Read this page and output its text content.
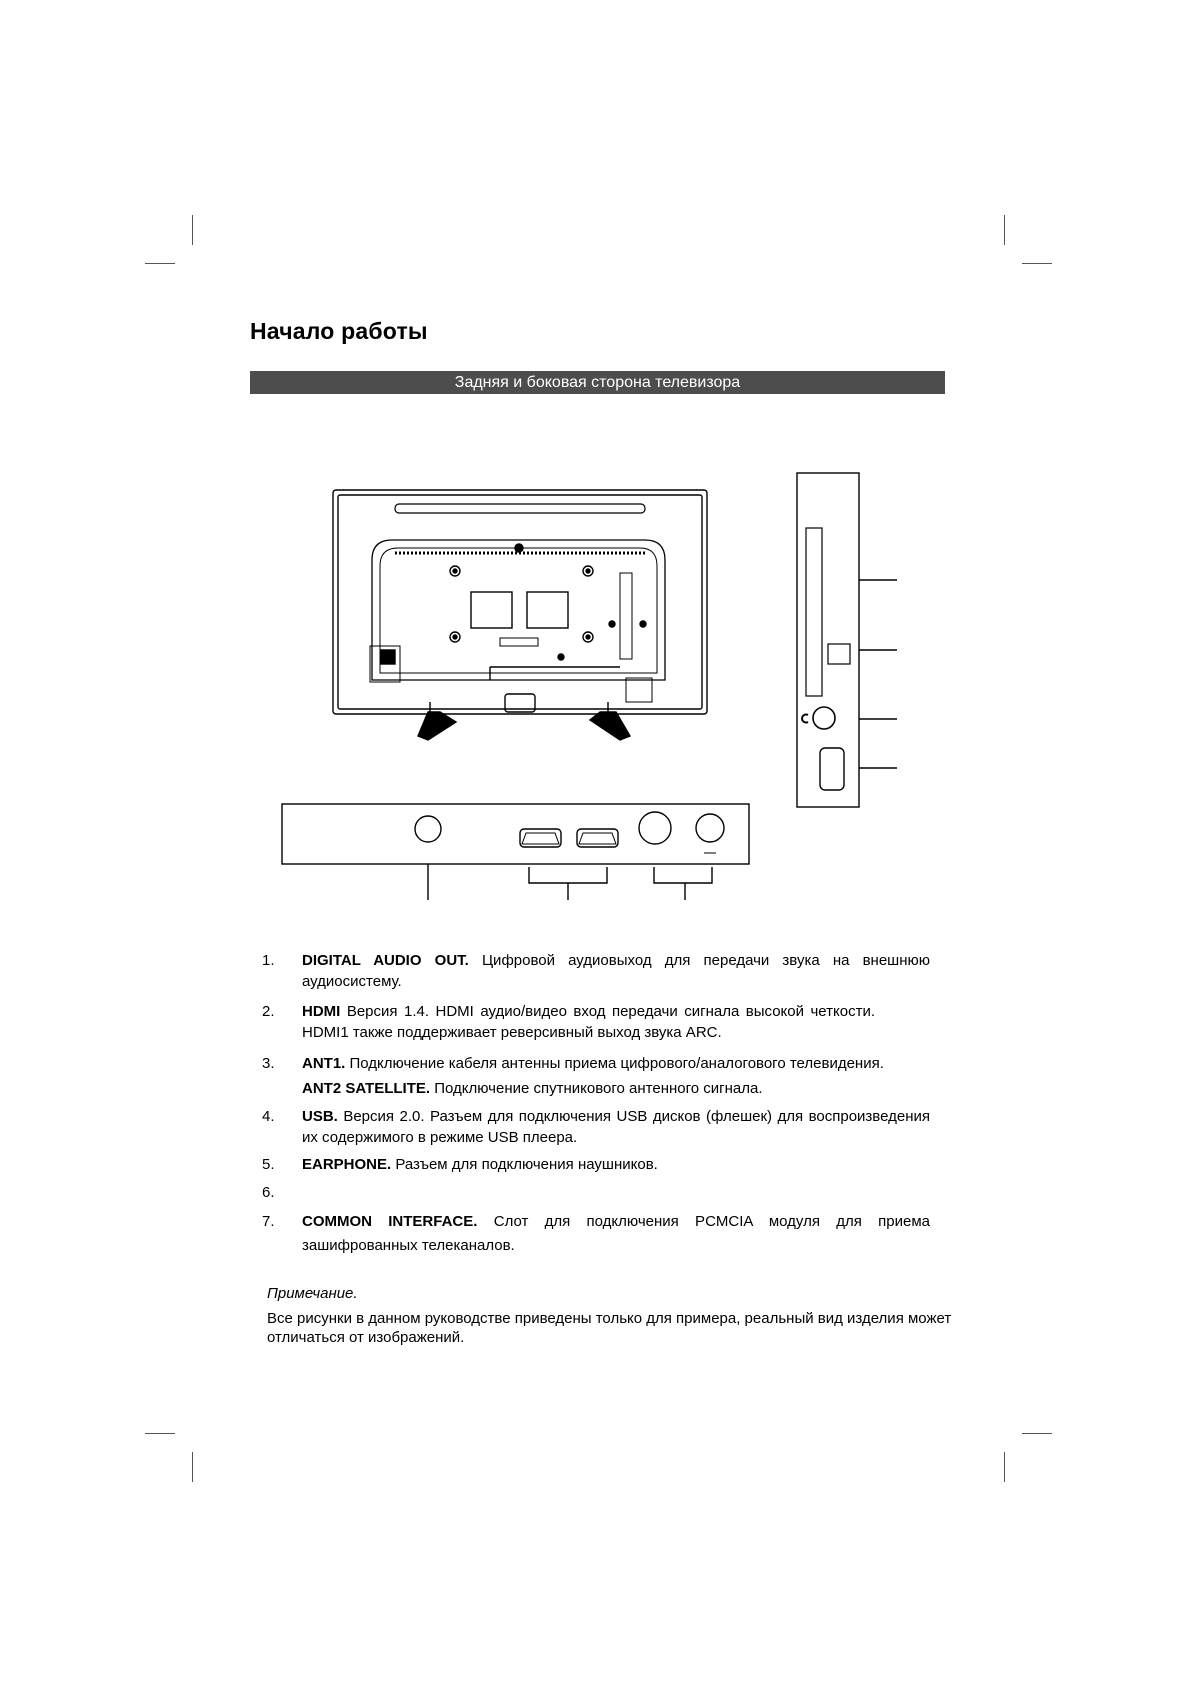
Начало работы
Задняя и боковая сторона телевизора
1.	DIGITAL AUDIO OUT. Цифровой аудиовыход для передачи звука на внешнюю аудиосистему.
2.	HDMI Версия 1.4. HDMI аудио/видео вход передачи сигнала высокой четкости. HDMI1 также поддерживает реверсивный выход звука ARC.
3.	ANT1. Подключение кабеля антенны приема цифрового/аналогового телевидения.
ANT2 SATELLITE. Подключение спутникового антенного сигнала.
4.	USB. Версия 2.0. Разъем для подключения USB дисков (флешек) для воспроизведения их содержимого в режиме USB плеера.
5.	EARPHONE. Разъем для подключения наушников.
6.
7.	COMMON INTERFACE. Слот для подключения PCMCIA модуля для приема зашифрованных телеканалов.
Примечание.
Все рисунки в данном руководстве приведены только для примера, реальный вид изделия может отличаться от изображений.
